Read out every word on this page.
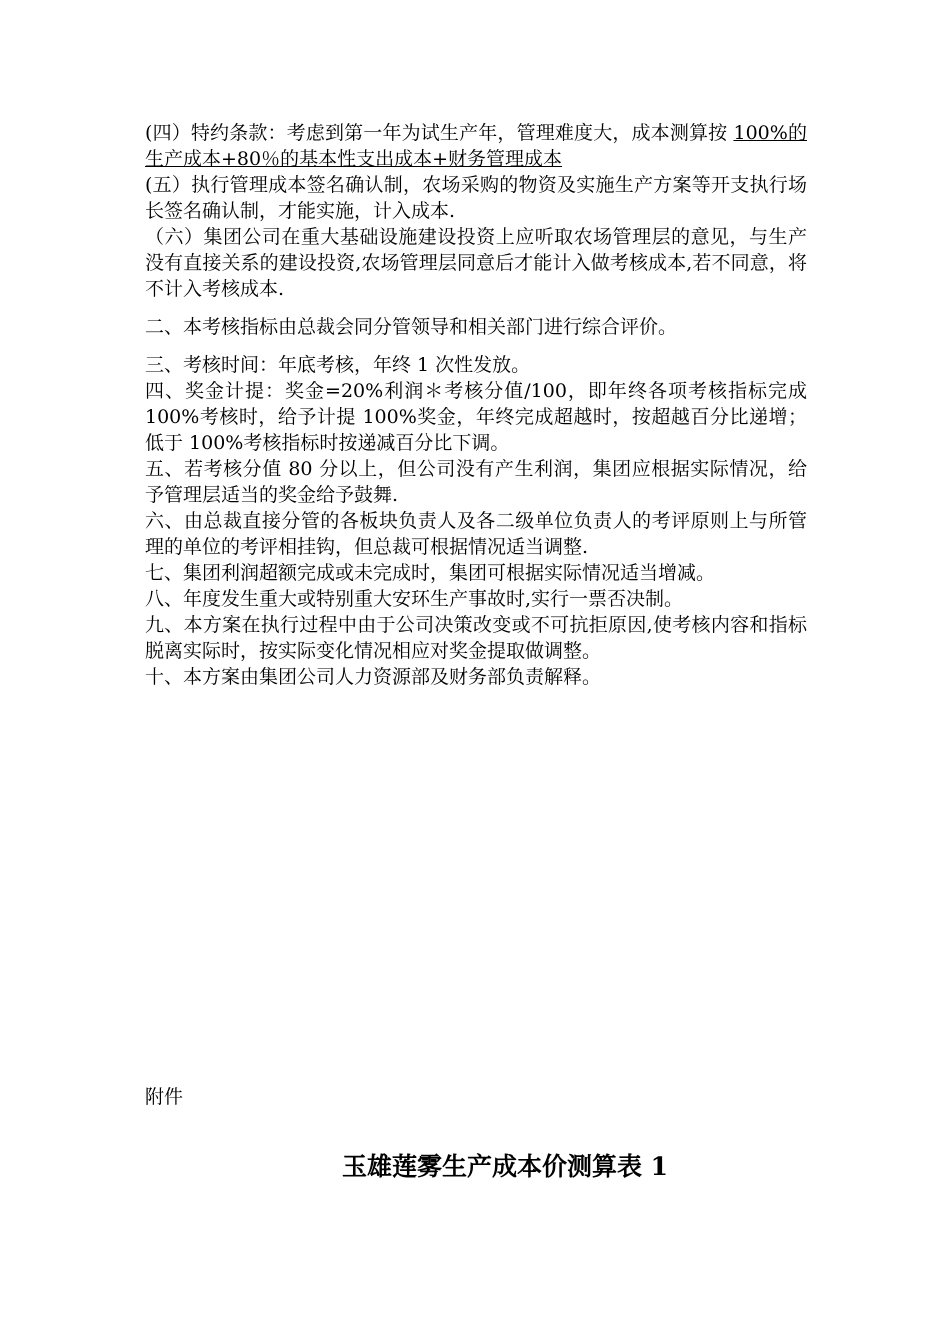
(四）特约条款：考虑到第一年为试生产年，管理难度大，成本测算按 100%的生产成本+80％的基本性支出成本+财务管理成本

(五）执行管理成本签名确认制，农场采购的物资及实施生产方案等开支执行场长签名确认制，才能实施，计入成本.

（六）集团公司在重大基础设施建设投资上应听取农场管理层的意见，与生产没有直接关系的建设投资,农场管理层同意后才能计入做考核成本,若不同意，将不计入考核成本.

二、本考核指标由总裁会同分管领导和相关部门进行综合评价。

三、考核时间：年底考核，年终 1 次性发放。

四、奖金计提：奖金=20%利润＊考核分值/100，即年终各项考核指标完成 100%考核时，给予计提 100%奖金，年终完成超越时，按超越百分比递增；低于 100%考核指标时按递减百分比下调。

五、若考核分值 80 分以上，但公司没有产生利润，集团应根据实际情况，给予管理层适当的奖金给予鼓舞.

六、由总裁直接分管的各板块负责人及各二级单位负责人的考评原则上与所管理的单位的考评相挂钩，但总裁可根据情况适当调整.

七、集团利润超额完成或未完成时，集团可根据实际情况适当增减。

八、年度发生重大或特别重大安环生产事故时,实行一票否决制。

九、本方案在执行过程中由于公司决策改变或不可抗拒原因,使考核内容和指标脱离实际时，按实际变化情况相应对奖金提取做调整。

十、本方案由集团公司人力资源部及财务部负责解释。

附件

玉雄莲雾生产成本价测算表 1
